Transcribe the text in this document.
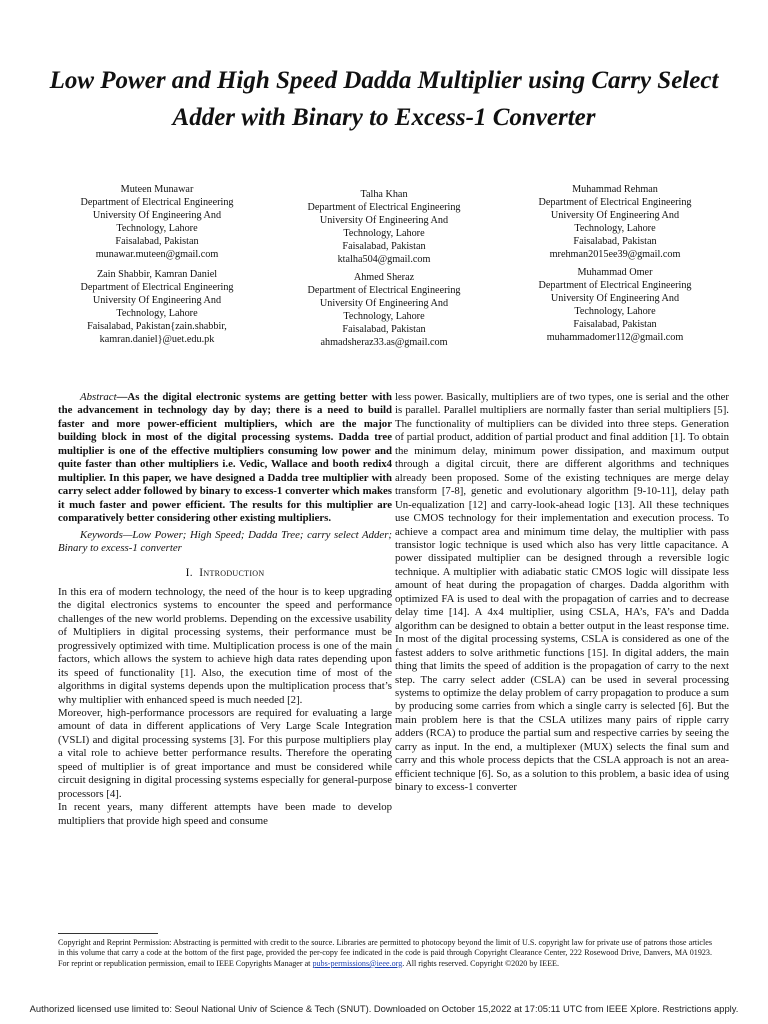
Low Power and High Speed Dadda Multiplier using Carry Select Adder with Binary to Excess-1 Converter
Muteen Munawar
Department of Electrical Engineering
University Of Engineering And
Technology, Lahore
Faisalabad, Pakistan
munawar.muteen@gmail.com
Talha Khan
Department of Electrical Engineering
University Of Engineering And
Technology, Lahore
Faisalabad, Pakistan
ktalha504@gmail.com
Muhammad Rehman
Department of Electrical Engineering
University Of Engineering And
Technology, Lahore
Faisalabad, Pakistan
mrehman2015ee39@gmail.com
Zain Shabbir, Kamran Daniel
Department of Electrical Engineering
University Of Engineering And
Technology, Lahore
Faisalabad, Pakistan{zain.shabbir,
kamran.daniel}@uet.edu.pk
Ahmed Sheraz
Department of Electrical Engineering
University Of Engineering And
Technology, Lahore
Faisalabad, Pakistan
ahmadsheraz33.as@gmail.com
Muhammad Omer
Department of Electrical Engineering
University Of Engineering And
Technology, Lahore
Faisalabad, Pakistan
muhammadomer112@gmail.com

Abstract—As the digital electronic systems are getting better with the advancement in technology day by day; there is a need to build faster and more power-efficient multipliers, which are the major building block in most of the digital processing systems. Dadda tree multiplier is one of the effective multipliers consuming low power and quite faster than other multipliers i.e. Vedic, Wallace and booth redix4 multiplier. In this paper, we have designed a Dadda tree multiplier with carry select adder followed by binary to excess-1 converter which makes it much faster and power efficient. The results for this multiplier are comparatively better considering other existing multipliers.

Keywords—Low Power; High Speed; Dadda Tree; carry select Adder; Binary to excess-1 converter

I. Introduction

In this era of modern technology, the need of the hour is to keep upgrading the digital electronics systems to encounter the speed and performance challenges of the new world problems. Depending on the excessive usability of Multipliers in digital processing systems, their performance must be progressively optimized with time. Multiplication process is one of the main factors, which allows the system to achieve high data rates depending upon its speed of functionality [1]. Also, the execution time of most of the algorithms in digital systems depends upon the multiplication process that’s why multiplier with enhanced speed is much needed [2].

Moreover, high-performance processors are required for evaluating a large amount of data in different applications of Very Large Scale Integration (VSLI) and digital processing systems [3]. For this purpose multipliers play a vital role to achieve better performance results. Therefore the operating speed of multiplier is of great importance and must be considered while circuit designing in digital processing systems especially for general-purpose processors [4].

In recent years, many different attempts have been made to develop multipliers that provide high speed and consume

less power. Basically, multipliers are of two types, one is serial and the other is parallel. Parallel multipliers are normally faster than serial multipliers [5]. The functionality of multipliers can be divided into three steps. Generation of partial product, addition of partial product and final addition [1]. To obtain the minimum delay, minimum power dissipation, and maximum output through a digital circuit, there are different algorithms and techniques already been proposed. Some of the existing techniques are merge delay transform [7-8], genetic and evolutionary algorithm [9-10-11], delay path Un-equalization [12] and carry-look-ahead logic [13]. All these techniques use CMOS technology for their implementation and execution process. To achieve a compact area and minimum time delay, the multiplier with pass transistor logic technique is used which also has very little capacitance. A power dissipated multiplier can be designed through a reversible logic technique. A multiplier with adiabatic static CMOS logic will dissipate less amount of heat during the propagation of charges. Dadda algorithm with optimized FA is used to deal with the propagation of carries and to decrease delay time [14]. A 4x4 multiplier, using CSLA, HA’s, FA’s and Dadda algorithm can be designed to obtain a better output in the least response time. In most of the digital processing systems, CSLA is considered as one of the fastest adders to solve arithmetic functions [15]. In digital adders, the main thing that limits the speed of addition is the propagation of carry to the next step. The carry select adder (CSLA) can be used in several processing systems to optimize the delay problem of carry propagation to produce a sum by producing some carries from which a single carry is selected [6]. But the main problem here is that the CSLA utilizes many pairs of ripple carry adders (RCA) to produce the partial sum and respective carries by seeing the carry as input. In the end, a multiplexer (MUX) selects the final sum and carry and this whole process depicts that the CSLA approach is not an area-efficient technique [6]. So, as a solution to this problem, a basic idea of using binary to excess-1 converter

Copyright and Reprint Permission: Abstracting is permitted with credit to the source. Libraries are permitted to photocopy beyond the limit of U.S. copyright law for private use of patrons those articles in this volume that carry a code at the bottom of the first page, provided the per-copy fee indicated in the code is paid through Copyright Clearance Center, 222 Rosewood Drive, Danvers, MA 01923. For reprint or republication permission, email to IEEE Copyrights Manager at pubs-permissions@ieee.org. All rights reserved. Copyright ©2020 by IEEE.
Authorized licensed use limited to: Seoul National Univ of Science & Tech (SNUT). Downloaded on October 15,2022 at 17:05:11 UTC from IEEE Xplore. Restrictions apply.
